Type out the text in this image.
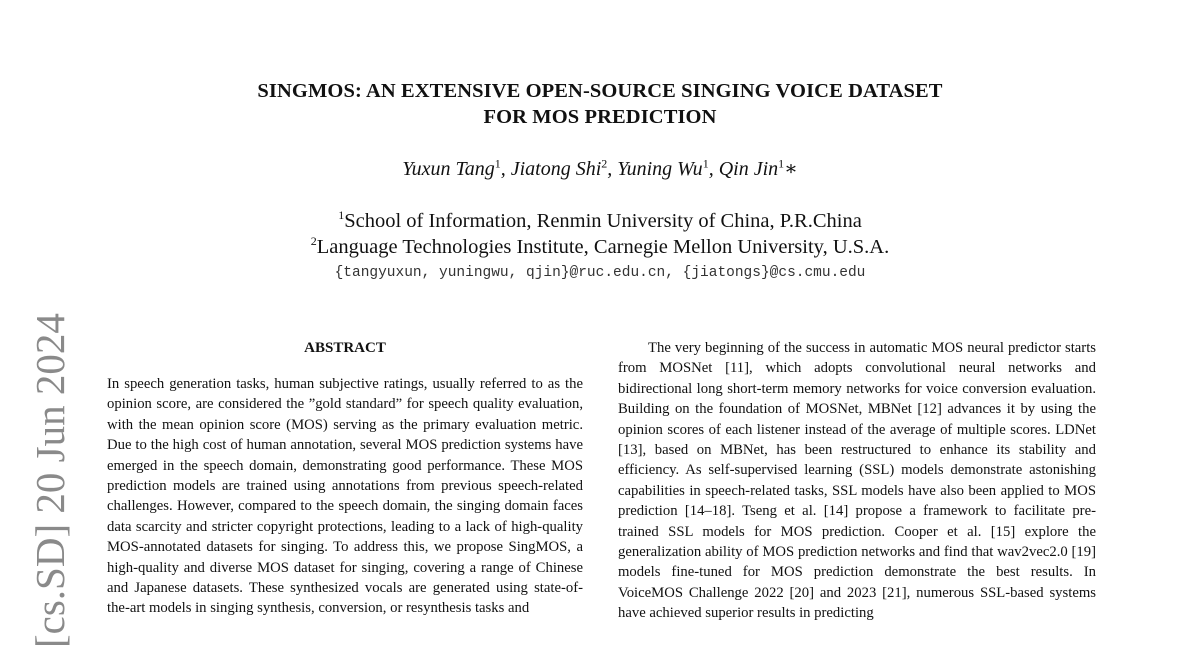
[cs.SD] 20 Jun 2024
SINGMOS: AN EXTENSIVE OPEN-SOURCE SINGING VOICE DATASET
FOR MOS PREDICTION
Yuxun Tang$^1$, Jiatong Shi$^2$, Yuning Wu$^1$, Qin Jin$^1$∗
$^1$School of Information, Renmin University of China, P.R.China
$^2$Language Technologies Institute, Carnegie Mellon University, U.S.A.
{tangyuxun, yuningwu, qjin}@ruc.edu.cn, {jiatongs}@cs.cmu.edu
ABSTRACT

In speech generation tasks, human subjective ratings, usually referred to as the opinion score, are considered the ”gold standard” for speech quality evaluation, with the mean opinion score (MOS) serving as the primary evaluation metric. Due to the high cost of human annotation, several MOS prediction systems have emerged in the speech domain, demonstrating good performance. These MOS prediction models are trained using annotations from previous speech-related challenges. However, compared to the speech domain, the singing domain faces data scarcity and stricter copyright protections, leading to a lack of high-quality MOS-annotated datasets for singing. To address this, we propose SingMOS, a high-quality and diverse MOS dataset for singing, covering a range of Chinese and Japanese datasets. These synthesized vocals are generated using state-of-the-art models in singing synthesis, conversion, or resynthesis tasks and

The very beginning of the success in automatic MOS neural predictor starts from MOSNet [11], which adopts convolutional neural networks and bidirectional long short-term memory networks for voice conversion evaluation. Building on the foundation of MOSNet, MBNet [12] advances it by using the opinion scores of each listener instead of the average of multiple scores. LDNet [13], based on MBNet, has been restructured to enhance its stability and efficiency. As self-supervised learning (SSL) models demonstrate astonishing capabilities in speech-related tasks, SSL models have also been applied to MOS prediction [14–18]. Tseng et al. [14] propose a framework to facilitate pre-trained SSL models for MOS prediction. Cooper et al. [15] explore the generalization ability of MOS prediction networks and find that wav2vec2.0 [19] models fine-tuned for MOS prediction demonstrate the best results. In VoiceMOS Challenge 2022 [20] and 2023 [21], numerous SSL-based systems have achieved superior results in predicting
